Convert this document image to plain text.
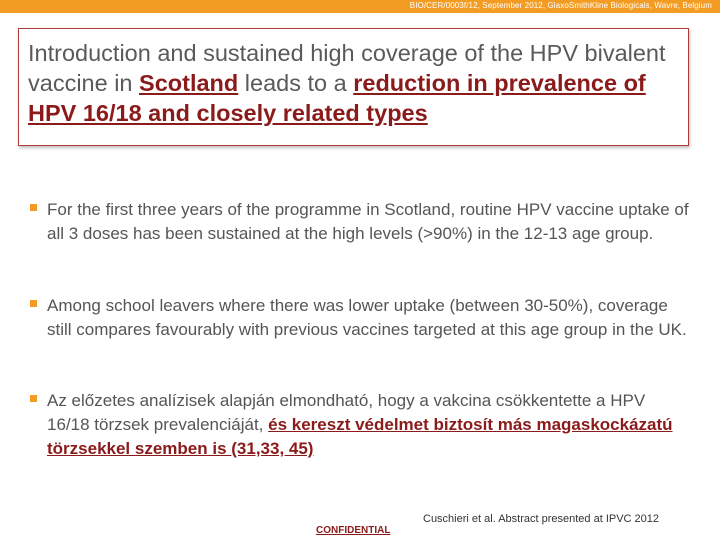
BIO/CER/0003f/12, September 2012, GlaxoSmithKline Biologicals, Wavre, Belgium
Introduction and sustained high coverage of the HPV bivalent vaccine in Scotland leads to a reduction in prevalence of HPV 16/18 and closely related types
For the first three years of the programme in Scotland, routine HPV vaccine uptake of all 3 doses has been sustained at the high levels (>90%) in the 12-13 age group.
Among school leavers where there was lower uptake (between 30-50%), coverage still compares favourably with previous vaccines targeted at this age group in the UK.
Az előzetes analízisek alapján elmondható, hogy a vakcina csökkentette a HPV 16/18 törzsek prevalenciáját, és kereszt védelmet biztosít más magaskockázatú törzsekkel szemben is (31,33, 45)
CONFIDENTIAL
Cuschieri et al. Abstract presented at IPVC 2012
